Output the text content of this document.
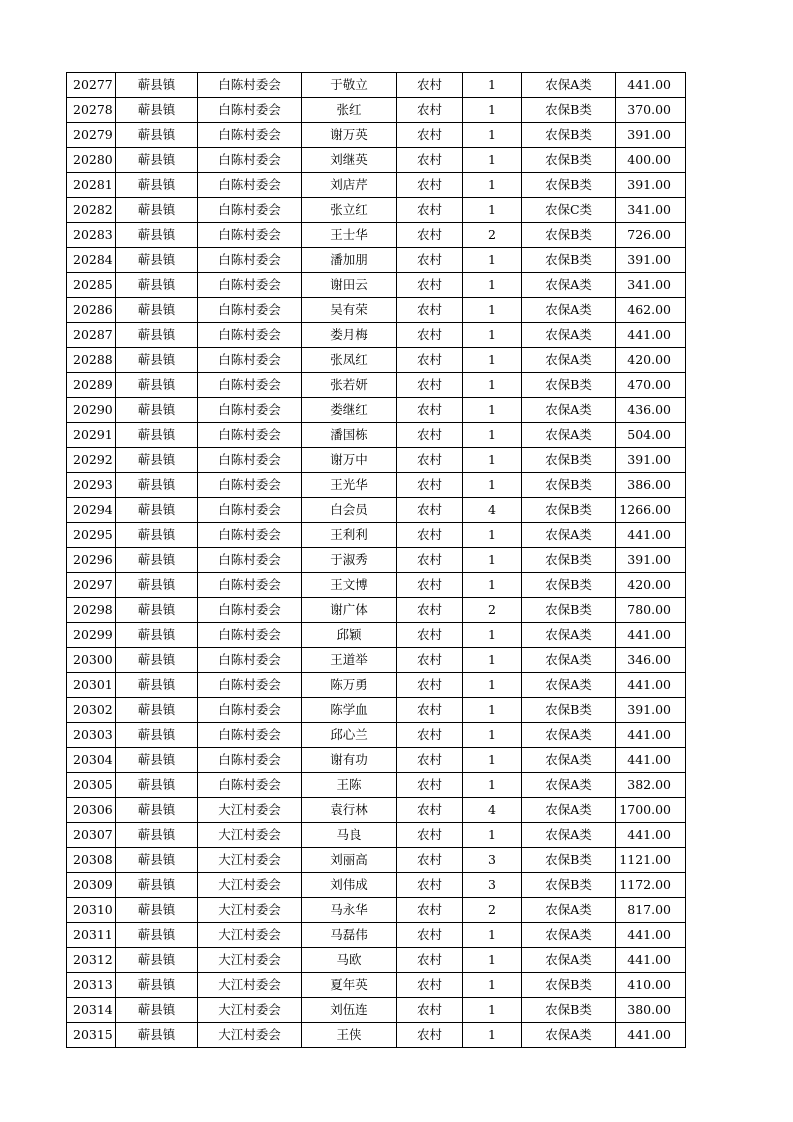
20277	蕲县镇	白陈村委会	于敬立	农村	1	农保A类	441.00
20278	蕲县镇	白陈村委会	张红	农村	1	农保B类	370.00
20279	蕲县镇	白陈村委会	谢万英	农村	1	农保B类	391.00
20280	蕲县镇	白陈村委会	刘继英	农村	1	农保B类	400.00
20281	蕲县镇	白陈村委会	刘店芹	农村	1	农保B类	391.00
20282	蕲县镇	白陈村委会	张立红	农村	1	农保C类	341.00
20283	蕲县镇	白陈村委会	王士华	农村	2	农保B类	726.00
20284	蕲县镇	白陈村委会	潘加朋	农村	1	农保B类	391.00
20285	蕲县镇	白陈村委会	谢田云	农村	1	农保A类	341.00
20286	蕲县镇	白陈村委会	吴有荣	农村	1	农保A类	462.00
20287	蕲县镇	白陈村委会	娄月梅	农村	1	农保A类	441.00
20288	蕲县镇	白陈村委会	张凤红	农村	1	农保A类	420.00
20289	蕲县镇	白陈村委会	张若妍	农村	1	农保B类	470.00
20290	蕲县镇	白陈村委会	娄继红	农村	1	农保A类	436.00
20291	蕲县镇	白陈村委会	潘国栋	农村	1	农保A类	504.00
20292	蕲县镇	白陈村委会	谢万中	农村	1	农保B类	391.00
20293	蕲县镇	白陈村委会	王光华	农村	1	农保B类	386.00
20294	蕲县镇	白陈村委会	白会员	农村	4	农保B类	1266.00
20295	蕲县镇	白陈村委会	王利利	农村	1	农保A类	441.00
20296	蕲县镇	白陈村委会	于淑秀	农村	1	农保B类	391.00
20297	蕲县镇	白陈村委会	王文博	农村	1	农保B类	420.00
20298	蕲县镇	白陈村委会	谢广体	农村	2	农保B类	780.00
20299	蕲县镇	白陈村委会	邱颖	农村	1	农保A类	441.00
20300	蕲县镇	白陈村委会	王道举	农村	1	农保A类	346.00
20301	蕲县镇	白陈村委会	陈万勇	农村	1	农保A类	441.00
20302	蕲县镇	白陈村委会	陈学血	农村	1	农保B类	391.00
20303	蕲县镇	白陈村委会	邱心兰	农村	1	农保A类	441.00
20304	蕲县镇	白陈村委会	谢有功	农村	1	农保A类	441.00
20305	蕲县镇	白陈村委会	王陈	农村	1	农保A类	382.00
20306	蕲县镇	大江村委会	袁行林	农村	4	农保A类	1700.00
20307	蕲县镇	大江村委会	马良	农村	1	农保A类	441.00
20308	蕲县镇	大江村委会	刘丽高	农村	3	农保B类	1121.00
20309	蕲县镇	大江村委会	刘伟成	农村	3	农保B类	1172.00
20310	蕲县镇	大江村委会	马永华	农村	2	农保A类	817.00
20311	蕲县镇	大江村委会	马磊伟	农村	1	农保A类	441.00
20312	蕲县镇	大江村委会	马欧	农村	1	农保A类	441.00
20313	蕲县镇	大江村委会	夏年英	农村	1	农保B类	410.00
20314	蕲县镇	大江村委会	刘伍连	农村	1	农保B类	380.00
20315	蕲县镇	大江村委会	王侠	农村	1	农保A类	441.00
